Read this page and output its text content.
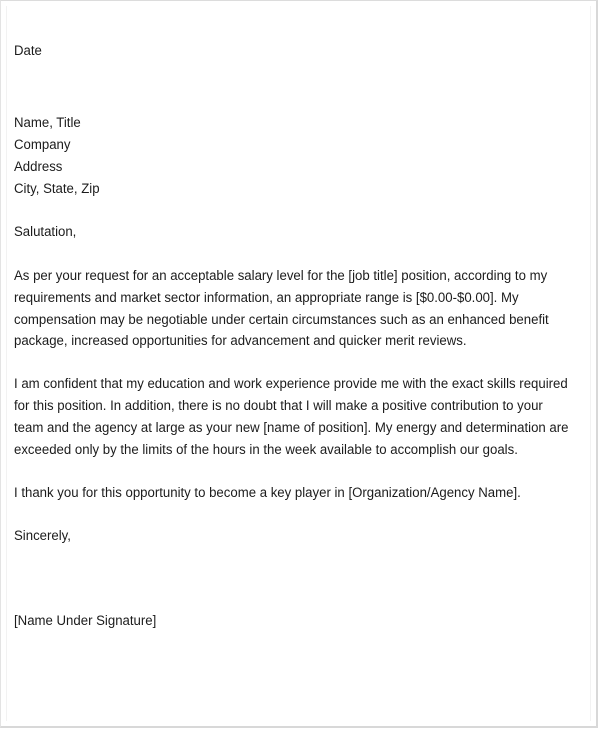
Date
Name, Title
Company
Address
City, State, Zip
Salutation,
As per your request for an acceptable salary level for the [job title] position, according to my
requirements and market sector information, an appropriate range is [$0.00-$0.00]. My
compensation may be negotiable under certain circumstances such as an enhanced benefit
package, increased opportunities for advancement and quicker merit reviews.
I am confident that my education and work experience provide me with the exact skills required
for this position. In addition, there is no doubt that I will make a positive contribution to your
team and the agency at large as your new [name of position]. My energy and determination are
exceeded only by the limits of the hours in the week available to accomplish our goals.
I thank you for this opportunity to become a key player in [Organization/Agency Name].
Sincerely,
[Name Under Signature]
